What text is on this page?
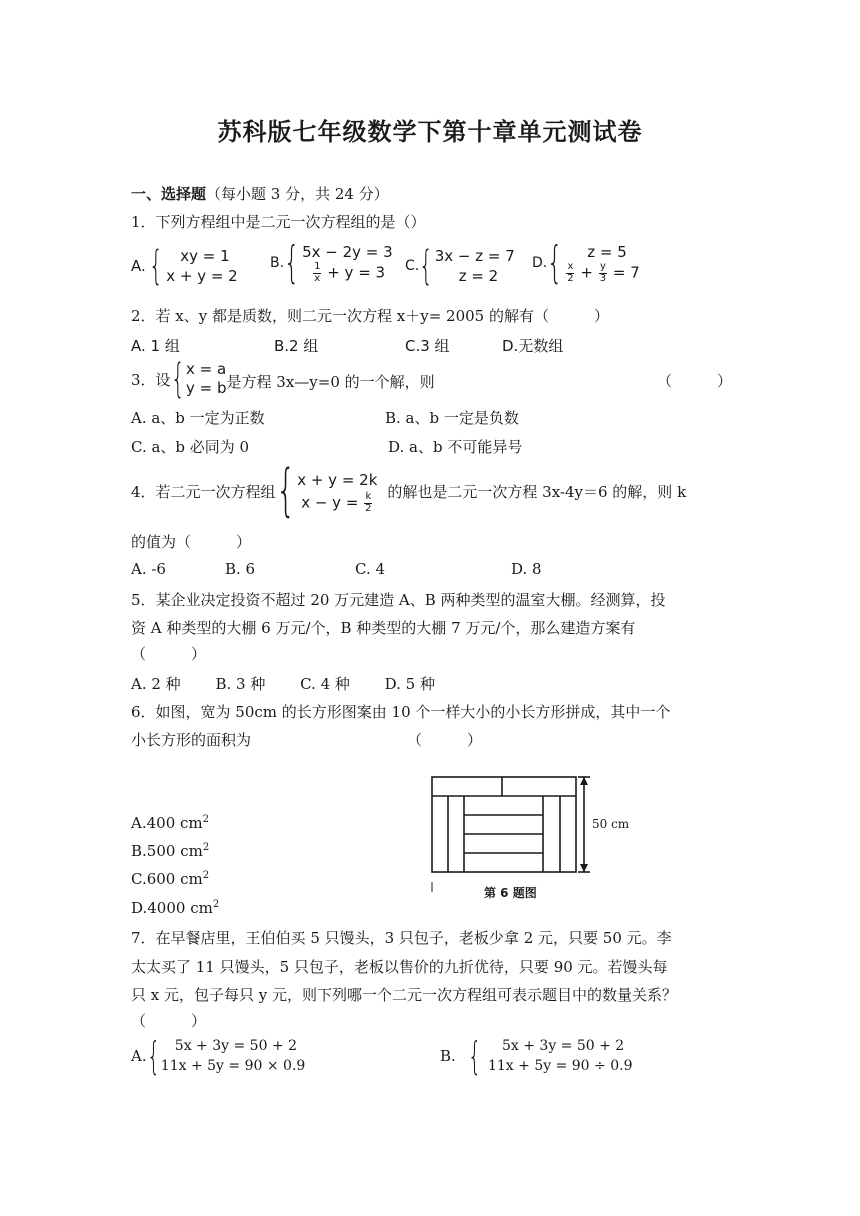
苏科版七年级数学下第十章单元测试卷
一、选择题（每小题 3 分，共 24 分）
1．下列方程组中是二元一次方程组的是（）
A. {	xy = 1
x + y = 2
B. { 5x − 2y = 3
$\frac{1}{x} + y = 3$	C. { 3x − z = 7
z = 2
D. {	z = 5
$\frac{x}{2} + \frac{y}{3} = 7$
2．若 x、y 都是质数，则二元一次方程 x＋y= 2005 的解有（　　　）
A. 1 组	B.2 组	C.3 组	D.无数组
3．设 { x = a
y = b 是方程 3x—y=0 的一个解，则	（　　　）
A. a、b 一定为正数	B. a、b 一定是负数
C. a、b 必同为 0	D. a、b 不可能异号
4．若二元一次方程组 { x + y = 2k
$x - y = \frac{k}{2}$
的解也是二元一次方程 3x-4y＝6 的解，则 k
的值为（　　　）
A. -6	B. 6	C. 4	D. 8
5．某企业决定投资不超过 20 万元建造 A、B 两种类型的温室大棚。经测算，投
资 A 种类型的大棚 6 万元/个，B 种类型的大棚 7 万元/个，那么建造方案有
（　　　）
A. 2 种　　 B. 3 种　　 C. 4 种　　 D. 5 种
6．如图，宽为 50cm 的长方形图案由 10 个一样大小的小长方形拼成，其中一个
小长方形的面积为	（　　　）
A.400 $cm^2$
B.500 $cm^2$
C.600 $cm^2$
D.4000 $cm^2$
50 cm
第 6 题图
7．在早餐店里，王伯伯买 5 只馒头，3 只包子，老板少拿 2 元，只要 50 元。李
太太买了 11 只馒头，5 只包子，老板以售价的九折优待，只要 90 元。若馒头每
只 x 元，包子每只 y 元，则下列哪一个二元一次方程组可表示题目中的数量关系？
（　　　）
A. {	5x + 3y = 50 + 2
11x + 5y = 90 × 0.9
B. {	5x + 3y = 50 + 2
11x + 5y = 90 ÷ 0.9
